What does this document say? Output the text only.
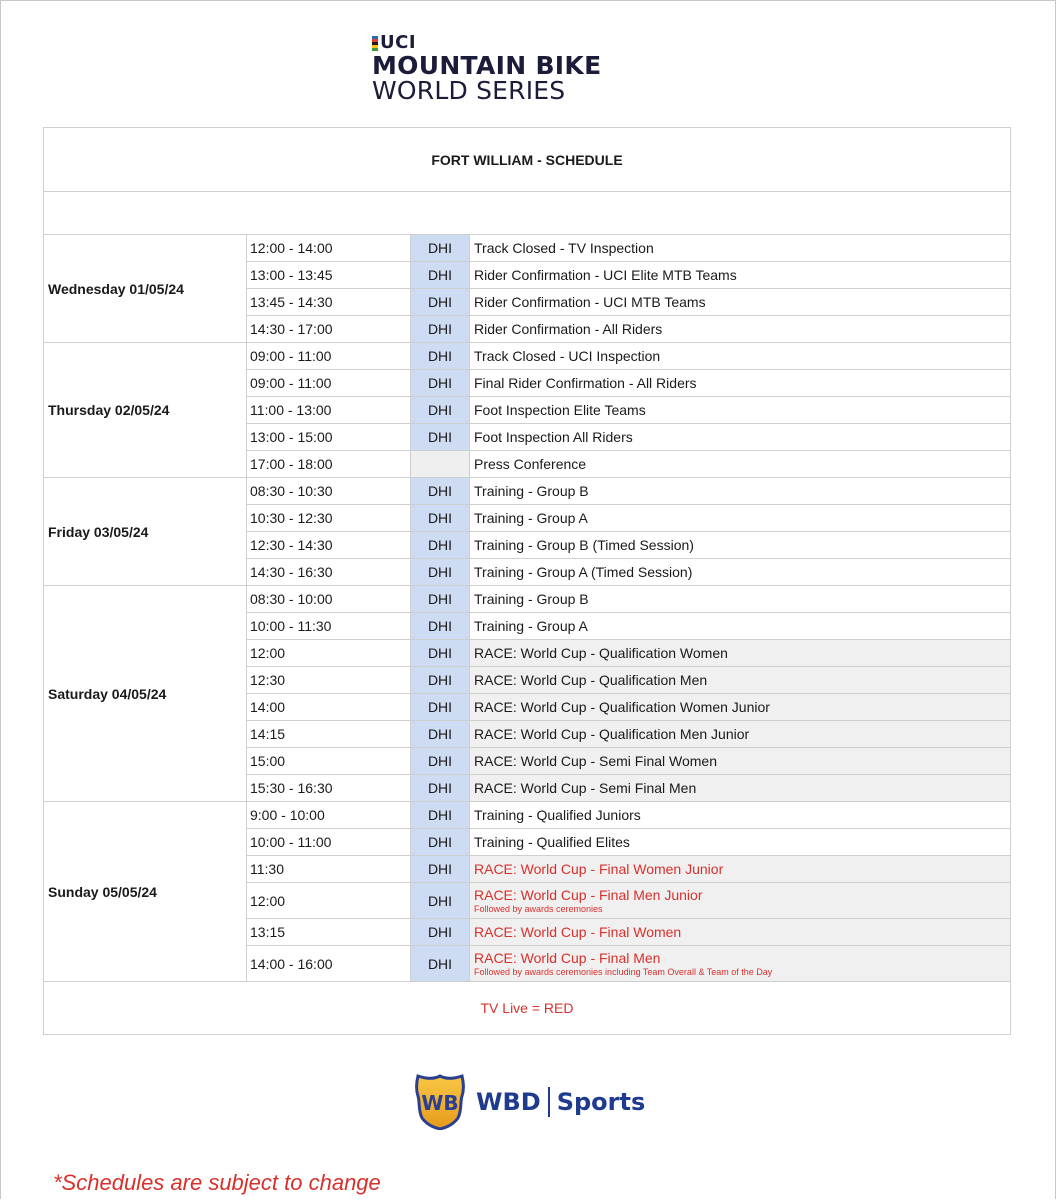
UCI
MOUNTAIN BIKE
WORLD SERIES
FORT WILLIAM - SCHEDULE
Wednesday 01/05/24
12:00 - 14:00	DHI	Track Closed - TV Inspection
13:00 - 13:45	DHI	Rider Confirmation - UCI Elite MTB Teams
13:45 - 14:30	DHI	Rider Confirmation - UCI MTB Teams
14:30 - 17:00	DHI	Rider Confirmation - All Riders
Thursday 02/05/24
09:00 - 11:00	DHI	Track Closed - UCI Inspection
09:00 - 11:00	DHI	Final Rider Confirmation - All Riders
11:00 - 13:00	DHI	Foot Inspection Elite Teams
13:00 - 15:00	DHI	Foot Inspection All Riders
17:00 - 18:00	Press Conference
Friday 03/05/24
08:30 - 10:30	DHI	Training - Group B
10:30 - 12:30	DHI	Training - Group A
12:30 - 14:30	DHI	Training - Group B (Timed Session)
14:30 - 16:30	DHI	Training - Group A (Timed Session)
Saturday 04/05/24
08:30 - 10:00	DHI	Training - Group B
10:00 - 11:30	DHI	Training - Group A
12:00	DHI	RACE: World Cup - Qualification Women
12:30	DHI	RACE: World Cup - Qualification Men
14:00	DHI	RACE: World Cup - Qualification Women Junior
14:15	DHI	RACE: World Cup - Qualification Men Junior
15:00	DHI	RACE: World Cup - Semi Final Women
15:30 - 16:30	DHI	RACE: World Cup - Semi Final Men
Sunday 05/05/24
9:00 - 10:00	DHI	Training - Qualified Juniors
10:00 - 11:00	DHI	Training - Qualified Elites
11:30	DHI	RACE: World Cup - Final Women Junior
12:00	DHI	RACE: World Cup - Final Men Junior
Followed by awards ceremonies
13:15	DHI	RACE: World Cup - Final Women
14:00 - 16:00	DHI	RACE: World Cup - Final Men
Followed by awards ceremonies including Team Overall & Team of the Day
TV Live = RED
WB WBD Sports
*Schedules are subject to change
